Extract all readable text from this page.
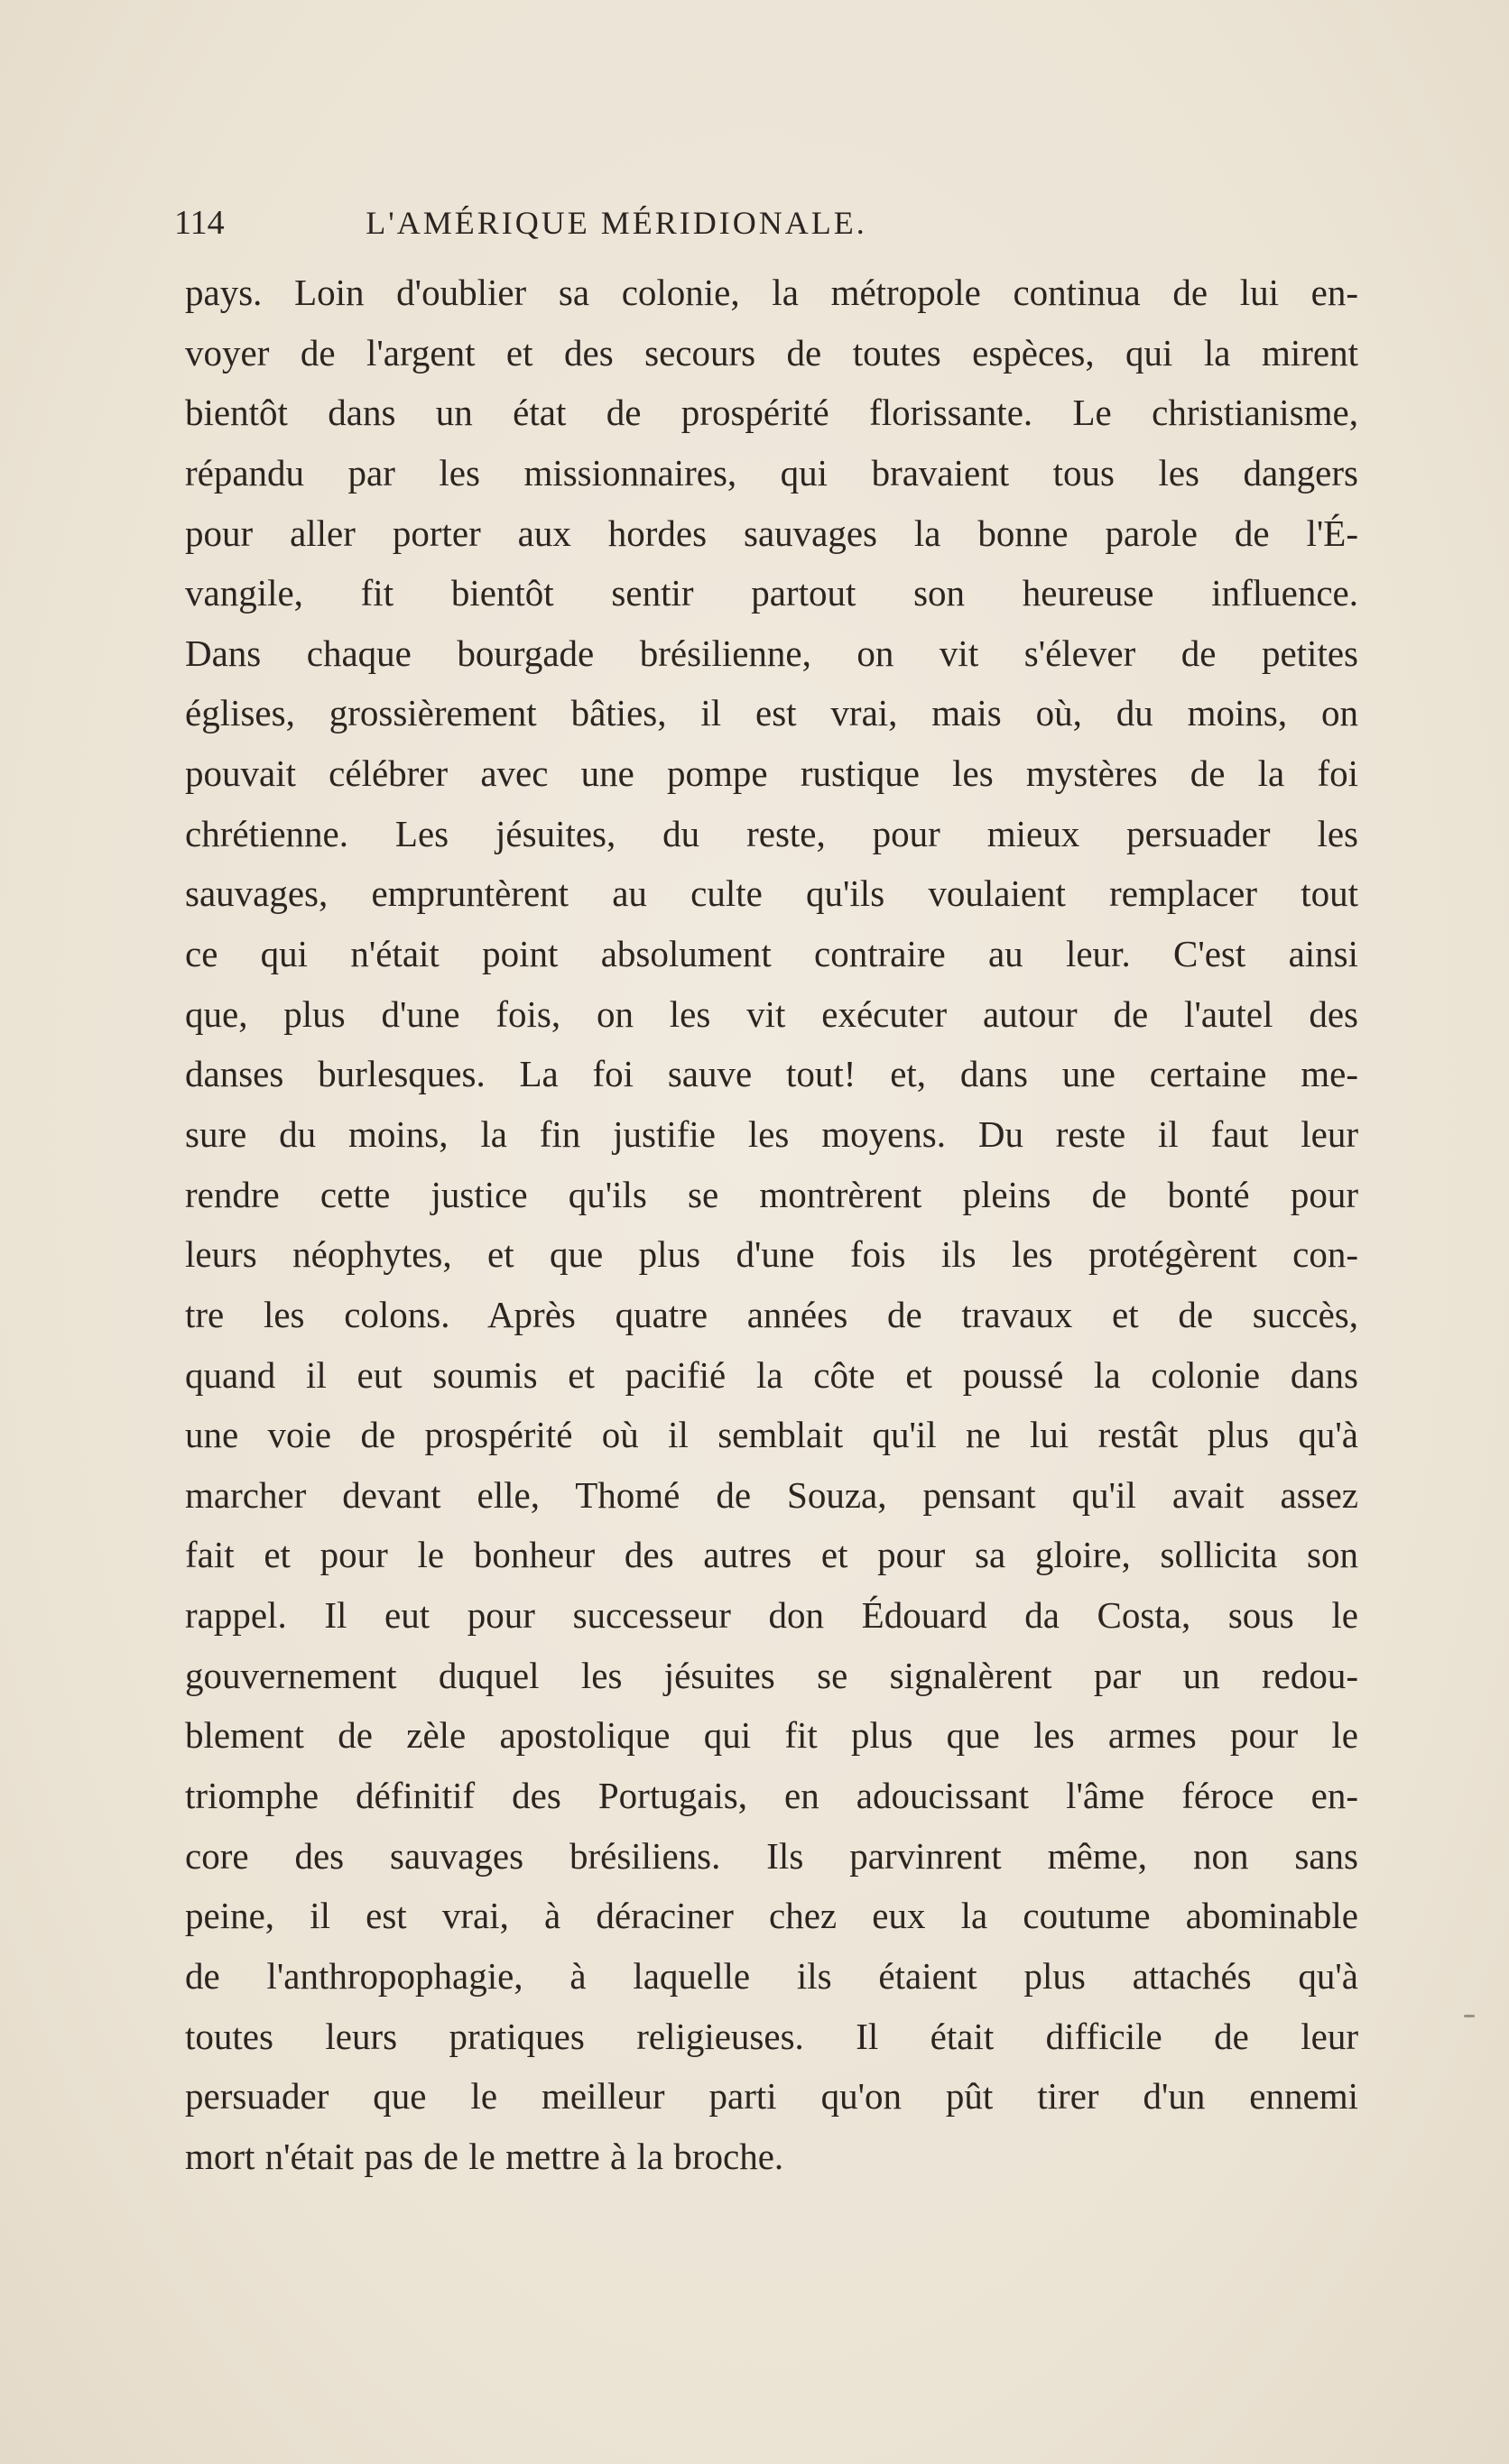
114	L'AMÉRIQUE MÉRIDIONALE.
pays. Loin d'oublier sa colonie, la métropole continua de lui en-
voyer de l'argent et des secours de toutes espèces, qui la mirent
bientôt dans un état de prospérité florissante. Le christianisme,
répandu par les missionnaires, qui bravaient tous les dangers
pour aller porter aux hordes sauvages la bonne parole de l'É-
vangile, fit bientôt sentir partout son heureuse influence.
Dans chaque bourgade brésilienne, on vit s'élever de petites
églises, grossièrement bâties, il est vrai, mais où, du moins, on
pouvait célébrer avec une pompe rustique les mystères de la foi
chrétienne. Les jésuites, du reste, pour mieux persuader les
sauvages, empruntèrent au culte qu'ils voulaient remplacer tout
ce qui n'était point absolument contraire au leur. C'est ainsi
que, plus d'une fois, on les vit exécuter autour de l'autel des
danses burlesques. La foi sauve tout! et, dans une certaine me-
sure du moins, la fin justifie les moyens. Du reste il faut leur
rendre cette justice qu'ils se montrèrent pleins de bonté pour
leurs néophytes, et que plus d'une fois ils les protégèrent con-
tre les colons. Après quatre années de travaux et de succès,
quand il eut soumis et pacifié la côte et poussé la colonie dans
une voie de prospérité où il semblait qu'il ne lui restât plus qu'à
marcher devant elle, Thomé de Souza, pensant qu'il avait assez
fait et pour le bonheur des autres et pour sa gloire, sollicita son
rappel. Il eut pour successeur don Édouard da Costa, sous le
gouvernement duquel les jésuites se signalèrent par un redou-
blement de zèle apostolique qui fit plus que les armes pour le
triomphe définitif des Portugais, en adoucissant l'âme féroce en-
core des sauvages brésiliens. Ils parvinrent même, non sans
peine, il est vrai, à déraciner chez eux la coutume abominable
de l'anthropophagie, à laquelle ils étaient plus attachés qu'à
toutes leurs pratiques religieuses. Il était difficile de leur
persuader que le meilleur parti qu'on pût tirer d'un ennemi
mort n'était pas de le mettre à la broche.
